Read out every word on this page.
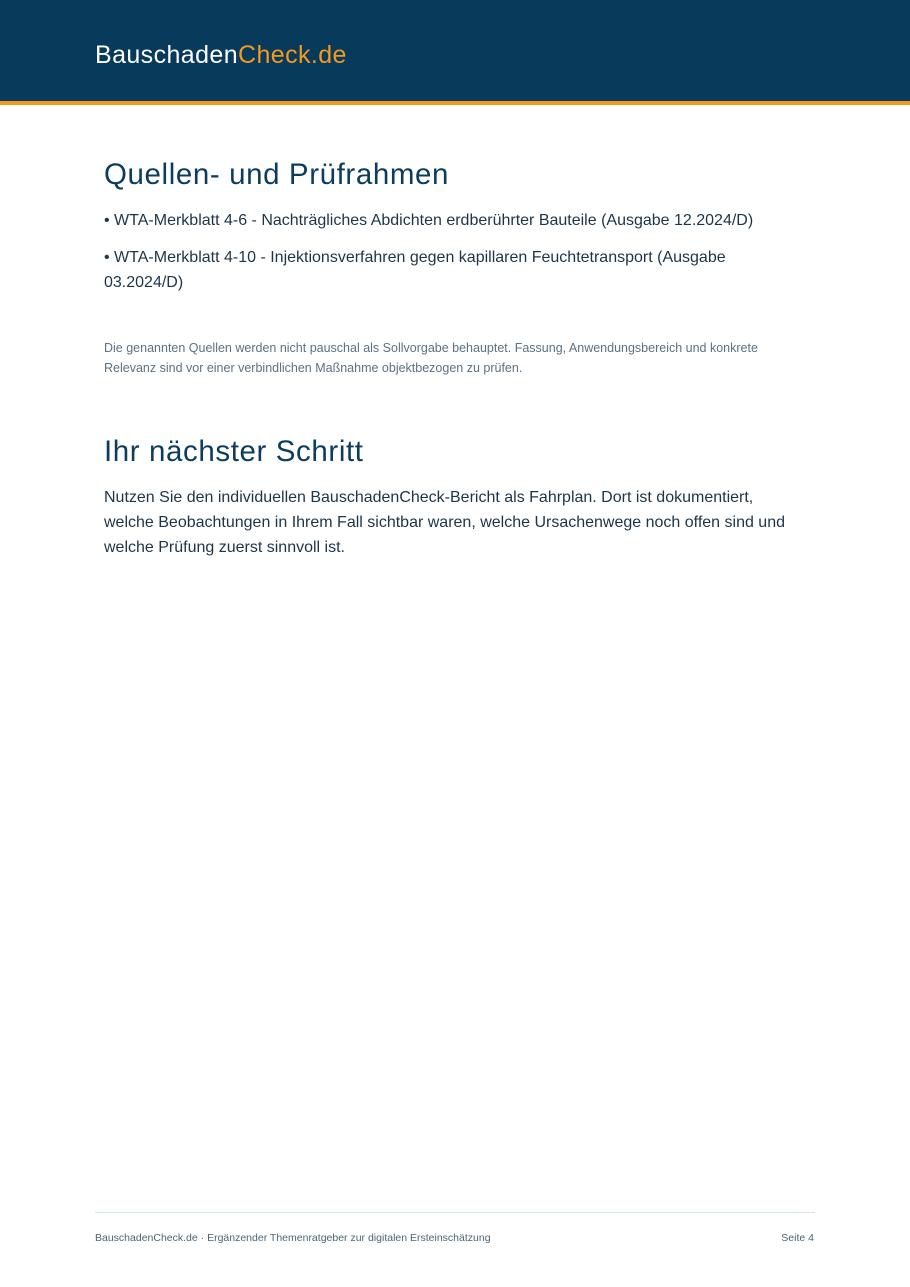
BauschadenCheck.de
Quellen- und Prüfrahmen

• WTA-Merkblatt 4-6 - Nachträgliches Abdichten erdberührter Bauteile (Ausgabe 12.2024/D)

• WTA-Merkblatt 4-10 - Injektionsverfahren gegen kapillaren Feuchtetransport (Ausgabe 03.2024/D)

Die genannten Quellen werden nicht pauschal als Sollvorgabe behauptet. Fassung, Anwendungsbereich und konkrete Relevanz sind vor einer verbindlichen Maßnahme objektbezogen zu prüfen.

Ihr nächster Schritt

Nutzen Sie den individuellen BauschadenCheck-Bericht als Fahrplan. Dort ist dokumentiert, welche Beobachtungen in Ihrem Fall sichtbar waren, welche Ursachenwege noch offen sind und welche Prüfung zuerst sinnvoll ist.

BauschadenCheck.de · Ergänzender Themenratgeber zur digitalen Ersteinschätzung	Seite 4
